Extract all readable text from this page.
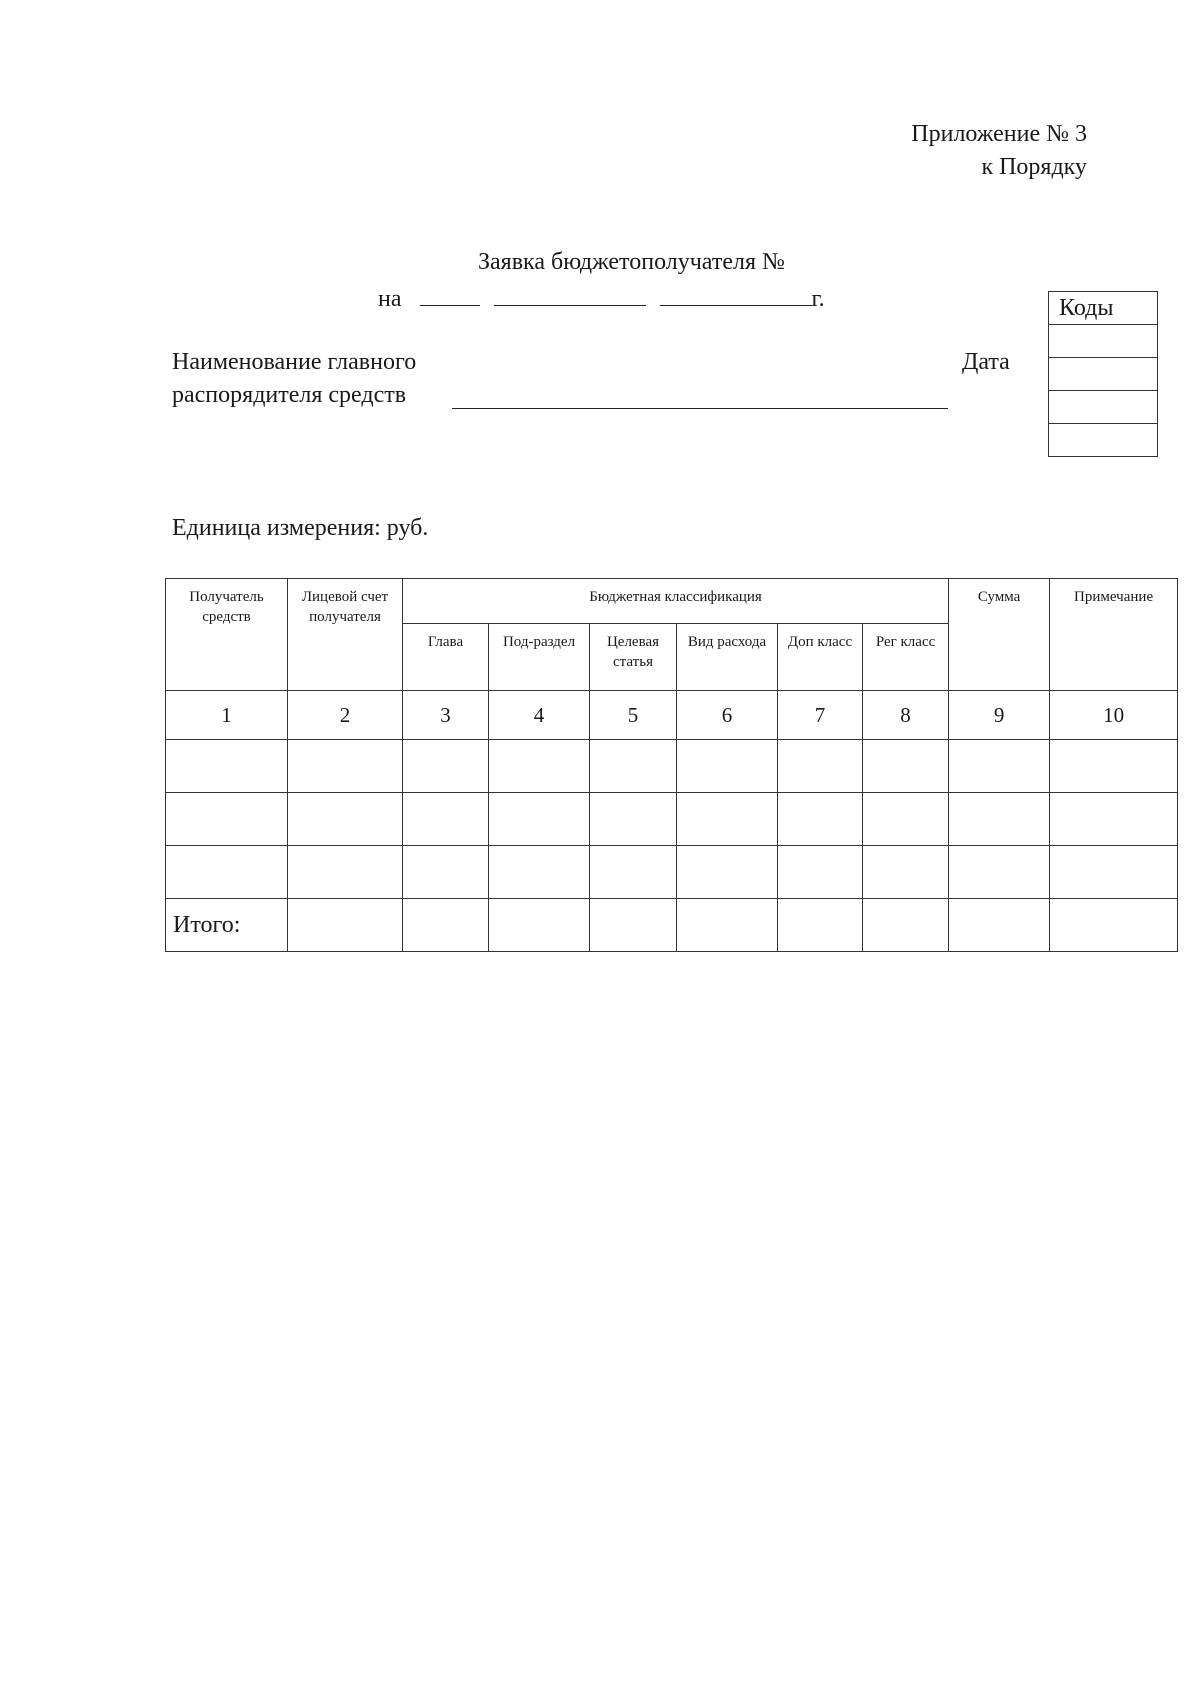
Приложение № 3
к Порядку
Заявка бюджетополучателя №
на	г.
Наименование главного
распорядителя средств
Дата
Коды

Единица измерения: руб.
Получатель средств	Лицевой счет получателя	Бюджетная классификация						Сумма	Примечание
		Глава	Под-раздел	Целевая статья	Вид расхода	Доп класс	Рег класс		
1	2	3	4	5	6	7	8	9	10

Итого:									
